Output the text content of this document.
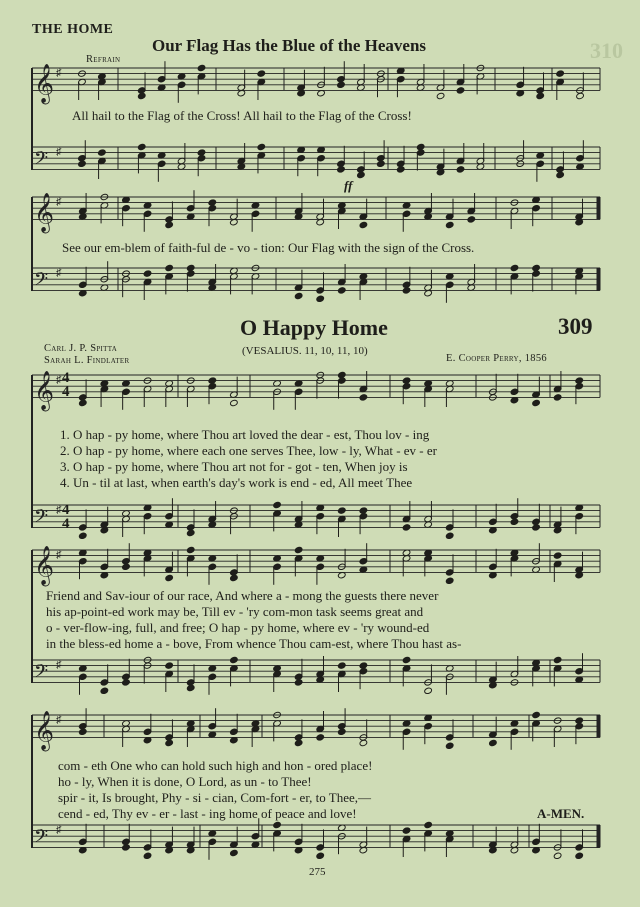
𝄞 ♯
𝄢 ♯
𝄞 ♯
𝄢 ♯
𝄞 ♯
𝄢 ♯
𝄞 ♯
𝄢 ♯
𝄞 ♯
𝄢 ♯
THE HOME
310
Our Flag Has the Blue of the Heavens
Refrain
All hail to the Flag of the Cross! All hail to the Flag of the Cross!
See our em-blem of faith-ful de - vo - tion: Our Flag with the sign of the Cross.
ff
O Happy Home	309
Carl J. P. Spitta
Sarah L. Findlater
(VESALIUS. 11, 10, 11, 10)
E. Cooper Perry, 1856
4
4
4
4
1. O hap - py home, where Thou art loved the dear - est, Thou lov - ing
2. O hap - py home, where each one serves Thee, low - ly, What - ev - er
3. O hap - py home, where Thou art not for - got - ten, When joy is
4. Un - til at last, when earth's day's work is end - ed, All meet Thee
Friend and Sav-iour of our race, And where a - mong the guests there never
his ap-point-ed work may be, Till ev - 'ry com-mon task seems great and
o - ver-flow-ing, full, and free; O hap - py home, where ev - 'ry wound-ed
in the bless-ed home a - bove, From whence Thou cam-est, where Thou hast as-
com - eth One who can hold such high and hon - ored place!
ho - ly, When it is done, O Lord, as un - to Thee!
spir - it, Is brought, Phy - si - cian, Com-fort - er, to Thee,—
cend - ed, Thy ev - er - last - ing home of peace and love!	A-MEN.
275
